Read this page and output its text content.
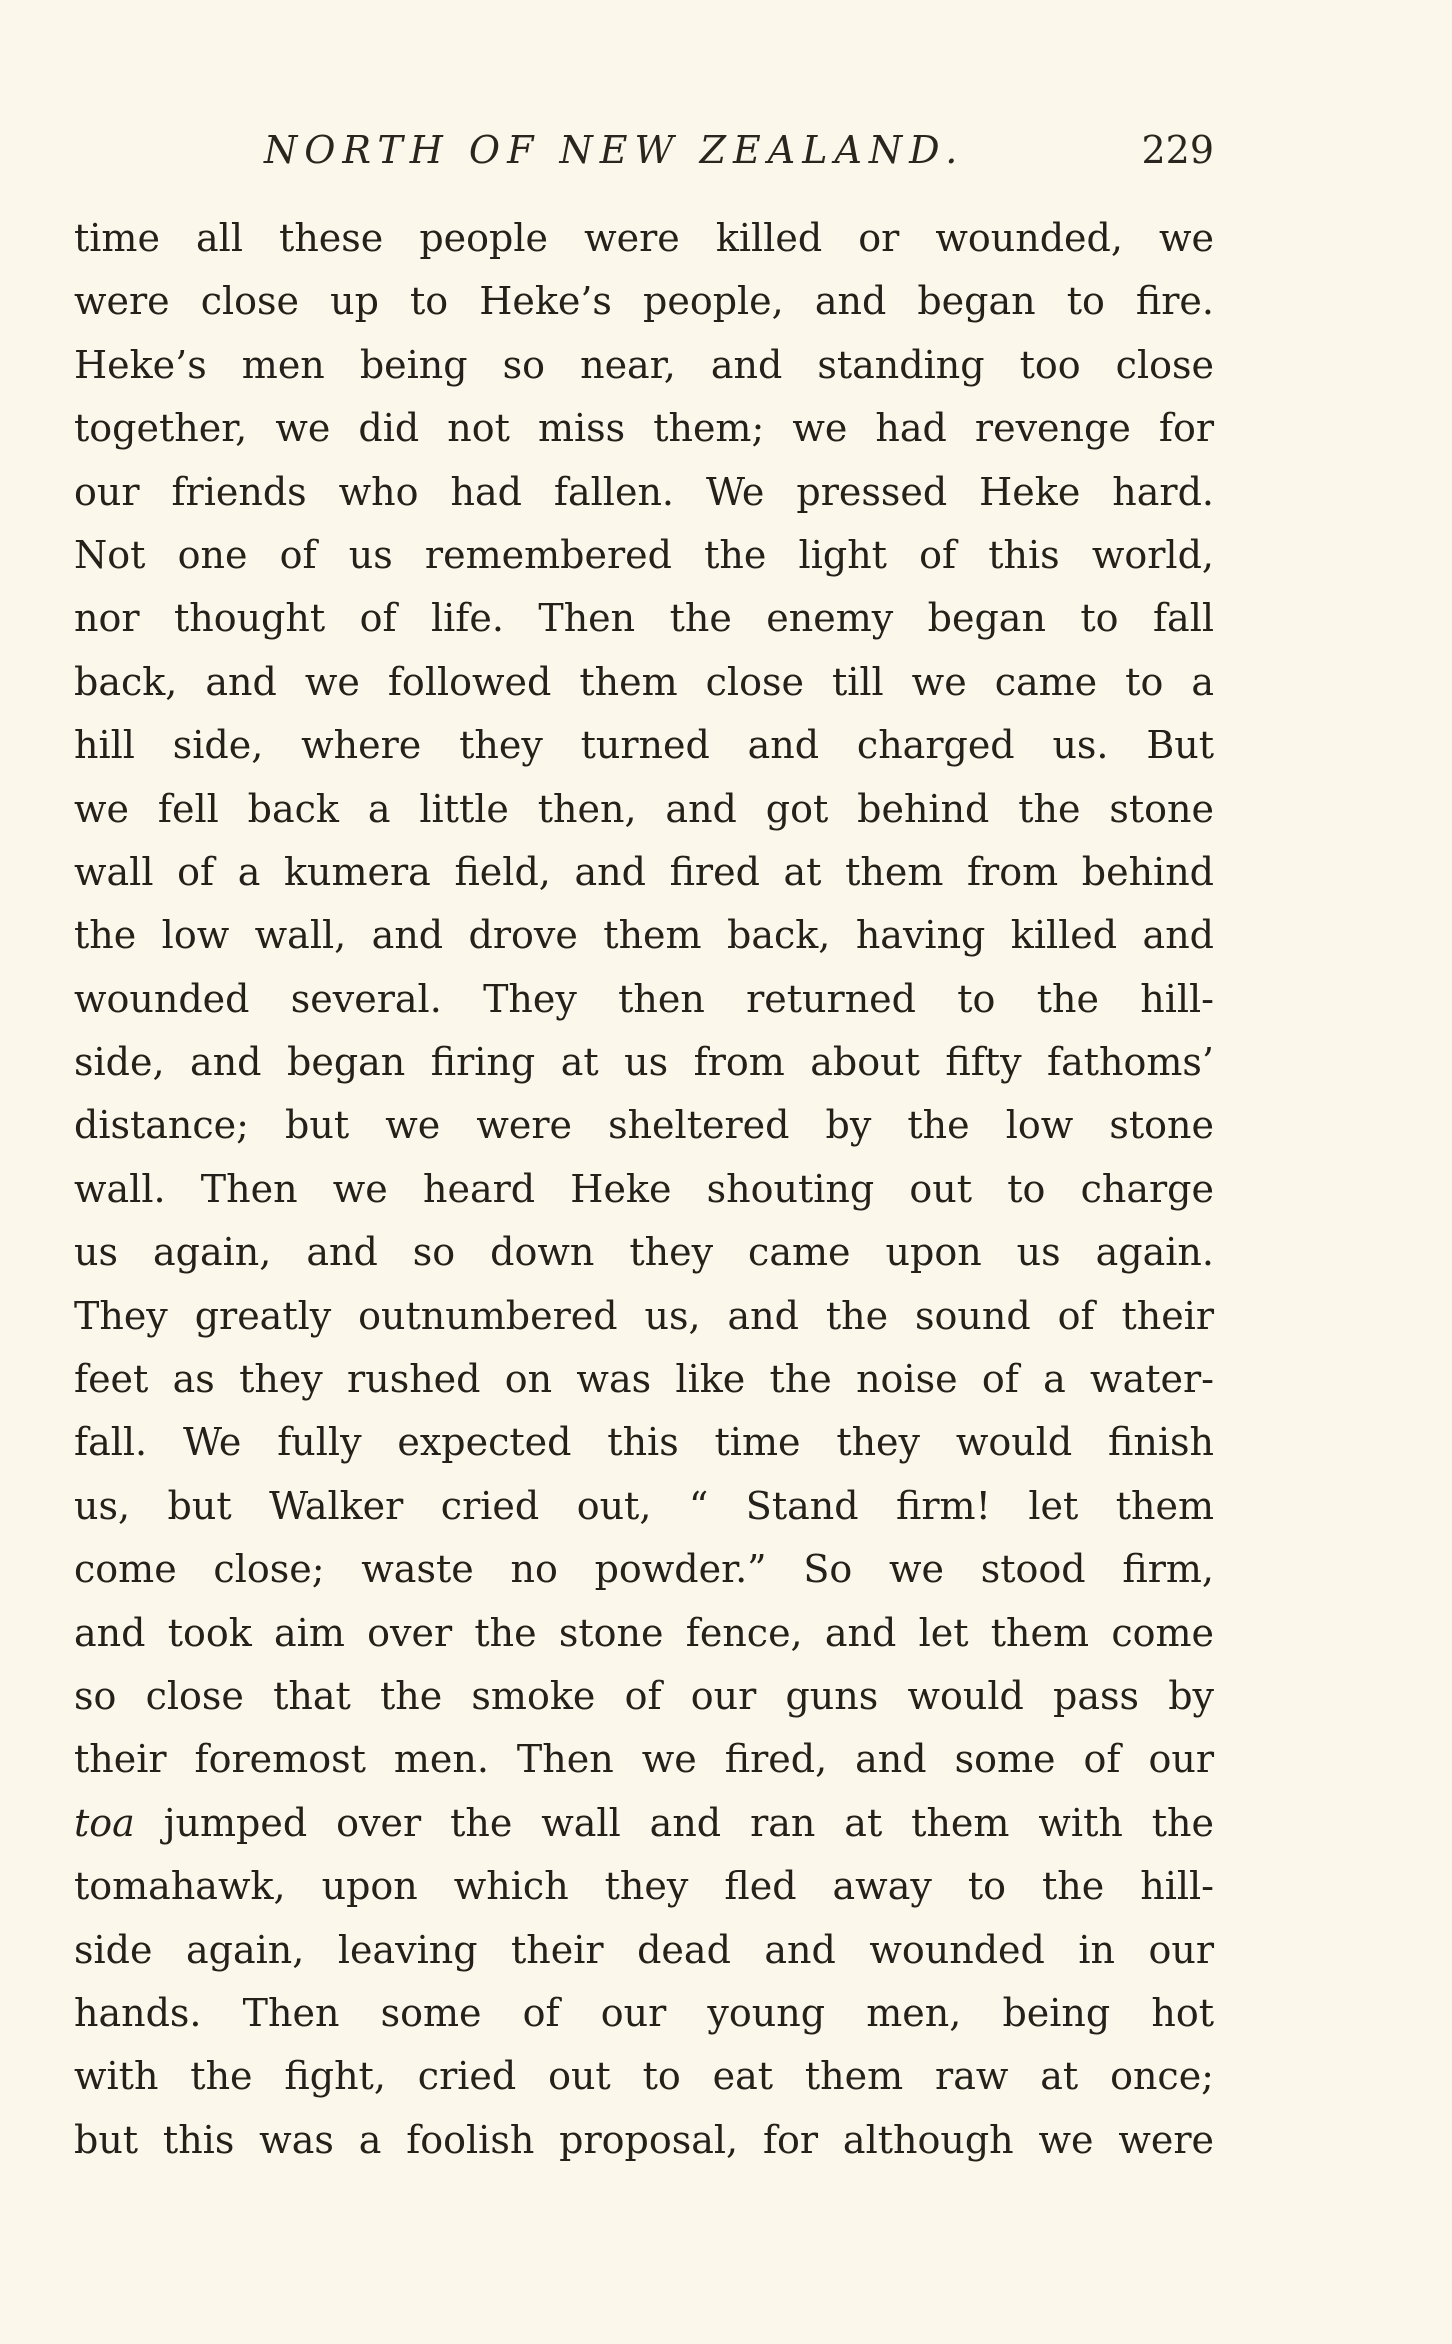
NORTH OF NEW ZEALAND.	229
time all these people were killed or wounded, we
were close up to Heke’s people, and began to fire.
Heke’s men being so near, and standing too close
together, we did not miss them; we had revenge for
our friends who had fallen. We pressed Heke hard.
Not one of us remembered the light of this world,
nor thought of life. Then the enemy began to fall
back, and we followed them close till we came to a
hill side, where they turned and charged us. But
we fell back a little then, and got behind the stone
wall of a kumera field, and fired at them from behind
the low wall, and drove them back, having killed and
wounded several. They then returned to the hill-
side, and began firing at us from about fifty fathoms’
distance; but we were sheltered by the low stone
wall. Then we heard Heke shouting out to charge
us again, and so down they came upon us again.
They greatly outnumbered us, and the sound of their
feet as they rushed on was like the noise of a water-
fall. We fully expected this time they would finish
us, but Walker cried out, “ Stand firm! let them
come close; waste no powder.” So we stood firm,
and took aim over the stone fence, and let them come
so close that the smoke of our guns would pass by
their foremost men. Then we fired, and some of our
toa jumped over the wall and ran at them with the
tomahawk, upon which they fled away to the hill-
side again, leaving their dead and wounded in our
hands. Then some of our young men, being hot
with the fight, cried out to eat them raw at once;
but this was a foolish proposal, for although we were
